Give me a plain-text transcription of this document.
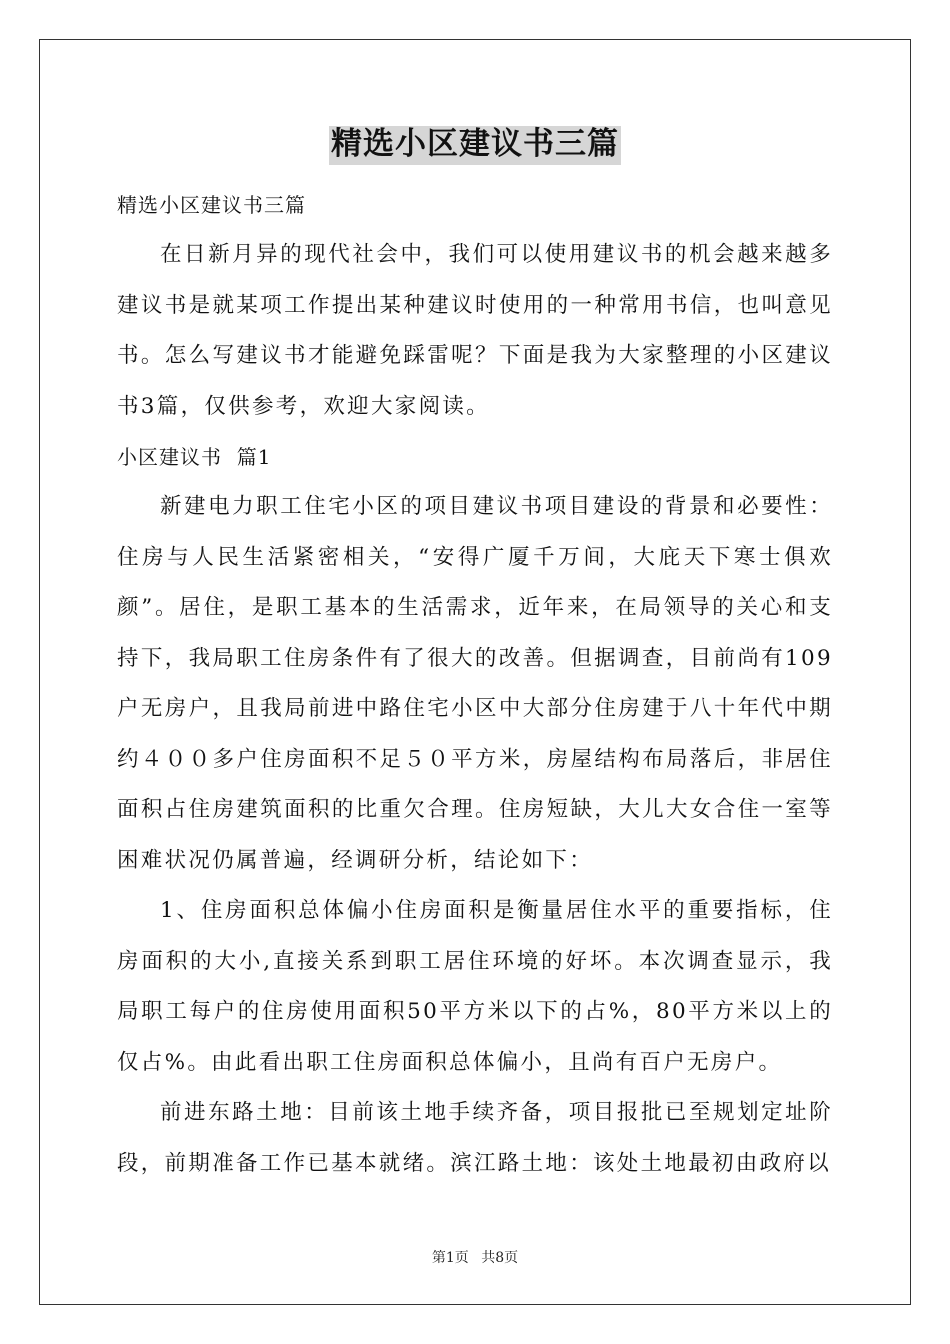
精选小区建议书三篇

精选小区建议书三篇

在日新月异的现代社会中，我们可以使用建议书的机会越来越多建议书是就某项工作提出某种建议时使用的一种常用书信，也叫意见书。怎么写建议书才能避免踩雷呢？下面是我为大家整理的小区建议书3篇，仅供参考，欢迎大家阅读。

小区建议书  篇1

新建电力职工住宅小区的项目建议书项目建设的背景和必要性：住房与人民生活紧密相关，“安得广厦千万间，大庇天下寒士俱欢颜”。居住，是职工基本的生活需求，近年来，在局领导的关心和支持下，我局职工住房条件有了很大的改善。但据调查，目前尚有109户无房户，且我局前进中路住宅小区中大部分住房建于八十年代中期约４００多户住房面积不足５０平方米，房屋结构布局落后，非居住面积占住房建筑面积的比重欠合理。住房短缺，大儿大女合住一室等困难状况仍属普遍，经调研分析，结论如下：

1、住房面积总体偏小住房面积是衡量居住水平的重要指标，住房面积的大小,直接关系到职工居住环境的好坏。本次调查显示，我局职工每户的住房使用面积50平方米以下的占%，80平方米以上的仅占%。由此看出职工住房面积总体偏小，且尚有百户无房户。

前进东路土地：目前该土地手续齐备，项目报批已至规划定址阶段，前期准备工作已基本就绪。滨江路土地：该处土地最初由政府以

第1页 共8页
